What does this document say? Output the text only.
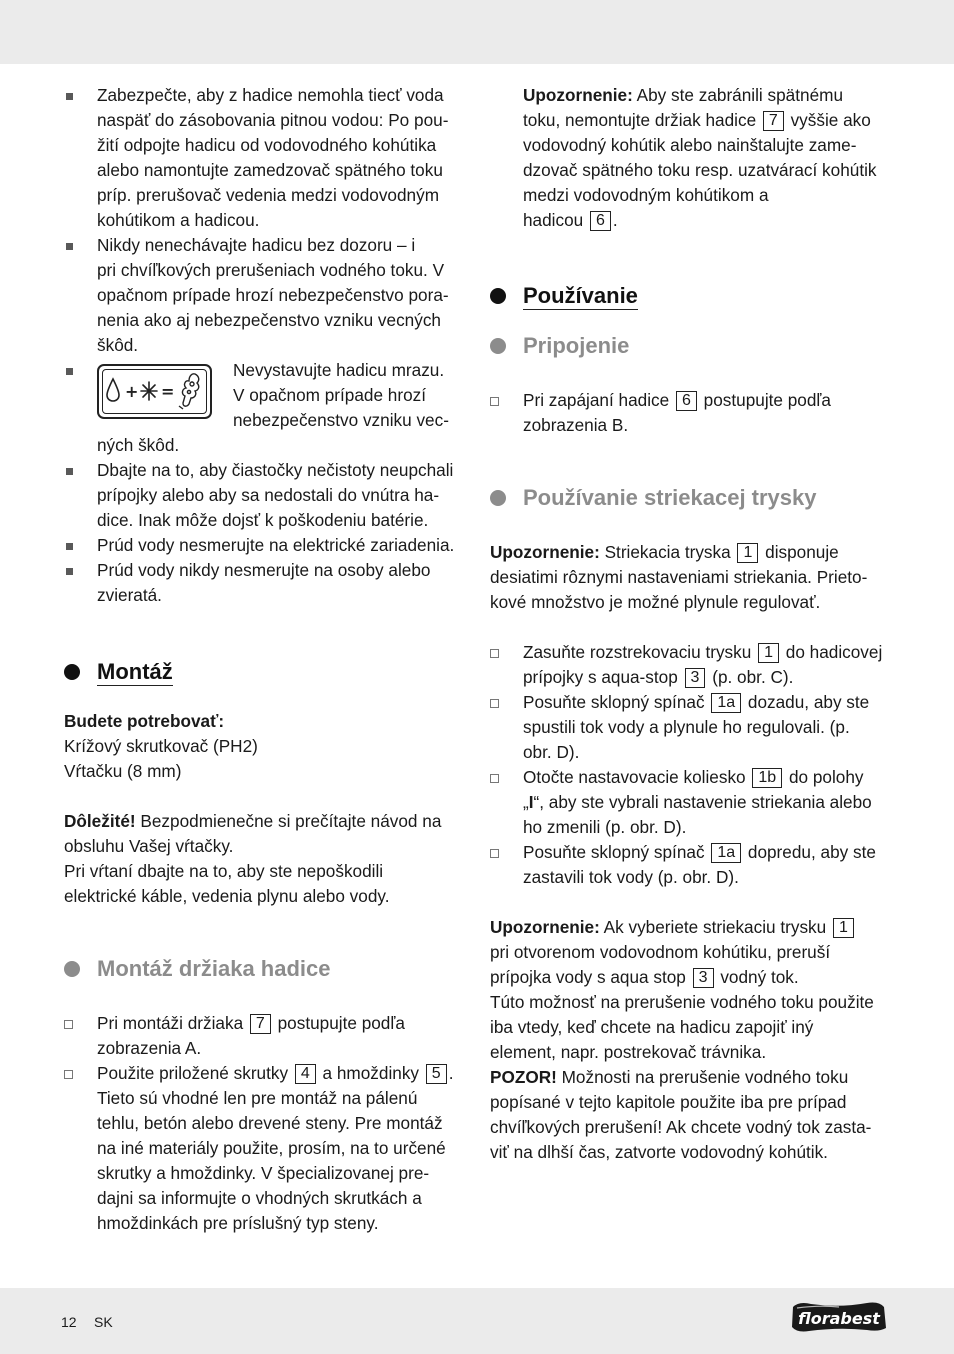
Zabezpečte, aby z hadice nemohla tiecť voda
naspäť do zásobovania pitnou vodou: Po pou-
žití odpojte hadicu od vodovodného kohútika
alebo namontujte zamedzovač spätného toku
príp. prerušovač vedenia medzi vodovodným
kohútikom a hadicou.
Nikdy nenechávajte hadicu bez dozoru – i
pri chvíľkových prerušeniach vodného toku. V
opačnom prípade hrozí nebezpečenstvo pora-
nenia ako aj nebezpečenstvo vzniku vecných
škôd.
+ =
Nevystavujte hadicu mrazu.
V opačnom prípade hrozí
nebezpečenstvo vzniku vec-
ných škôd.
Dbajte na to, aby čiastočky nečistoty neupchali
prípojky alebo aby sa nedostali do vnútra ha-
dice. Inak môže dojsť k poškodeniu batérie.
Prúd vody nesmerujte na elektrické zariadenia.
Prúd vody nikdy nesmerujte na osoby alebo
zvieratá.
Montáž
Budete potrebovať:
Krížový skrutkovač (PH2)
Vŕtačku (8 mm)
Dôležité! Bezpodmienečne si prečítajte návod na
obsluhu Vašej vŕtačky.
Pri vŕtaní dbajte na to, aby ste nepoškodili
elektrické káble, vedenia plynu alebo vody.
Montáž držiaka hadice
Pri montáži držiaka 7 postupujte podľa
zobrazenia A.
Použite priložené skrutky 4 a hmoždinky 5 .
Tieto sú vhodné len pre montáž na pálenú
tehlu, betón alebo drevené steny. Pre montáž
na iné materiály použite, prosím, na to určené
skrutky a hmoždinky. V špecializovanej pre-
dajni sa informujte o vhodných skrutkách a
hmoždinkách pre príslušný typ steny.
Upozornenie: Aby ste zabránili spätnému
toku, nemontujte držiak hadice 7 vyššie ako
vodovodný kohútik alebo nainštalujte zame-
dzovač spätného toku resp. uzatvárací kohútik
medzi vodovodným kohútikom a
hadicou 6 .
Používanie
Pripojenie
Pri zapájaní hadice 6 postupujte podľa
zobrazenia B.
Používanie striekacej trysky
Upozornenie: Striekacia tryska 1 disponuje
desiatimi rôznymi nastaveniami striekania. Prieto-
kové množstvo je možné plynule regulovať.
Zasuňte rozstrekovaciu trysku 1 do hadicovej
prípojky s aqua-stop 3 (p. obr. C).
Posuňte sklopný spínač 1a dozadu, aby ste
spustili tok vody a plynule ho regulovali. (p.
obr. D).
Otočte nastavovacie koliesko 1b do polohy
„I“, aby ste vybrali nastavenie striekania alebo
ho zmenili (p. obr. D).
Posuňte sklopný spínač 1a dopredu, aby ste
zastavili tok vody (p. obr. D).
Upozornenie: Ak vyberiete striekaciu trysku 1
pri otvorenom vodovodnom kohútiku, preruší
prípojka vody s aqua stop 3 vodný tok.
Túto možnosť na prerušenie vodného toku použite
iba vtedy, keď chcete na hadicu zapojiť iný
element, napr. postrekovač trávnika.
POZOR! Možnosti na prerušenie vodného toku
popísané v tejto kapitole použite iba pre prípad
chvíľkových prerušení! Ak chcete vodný tok zasta-
viť na dlhší čas, zatvorte vodovodný kohútik.
12 SK	florabest
